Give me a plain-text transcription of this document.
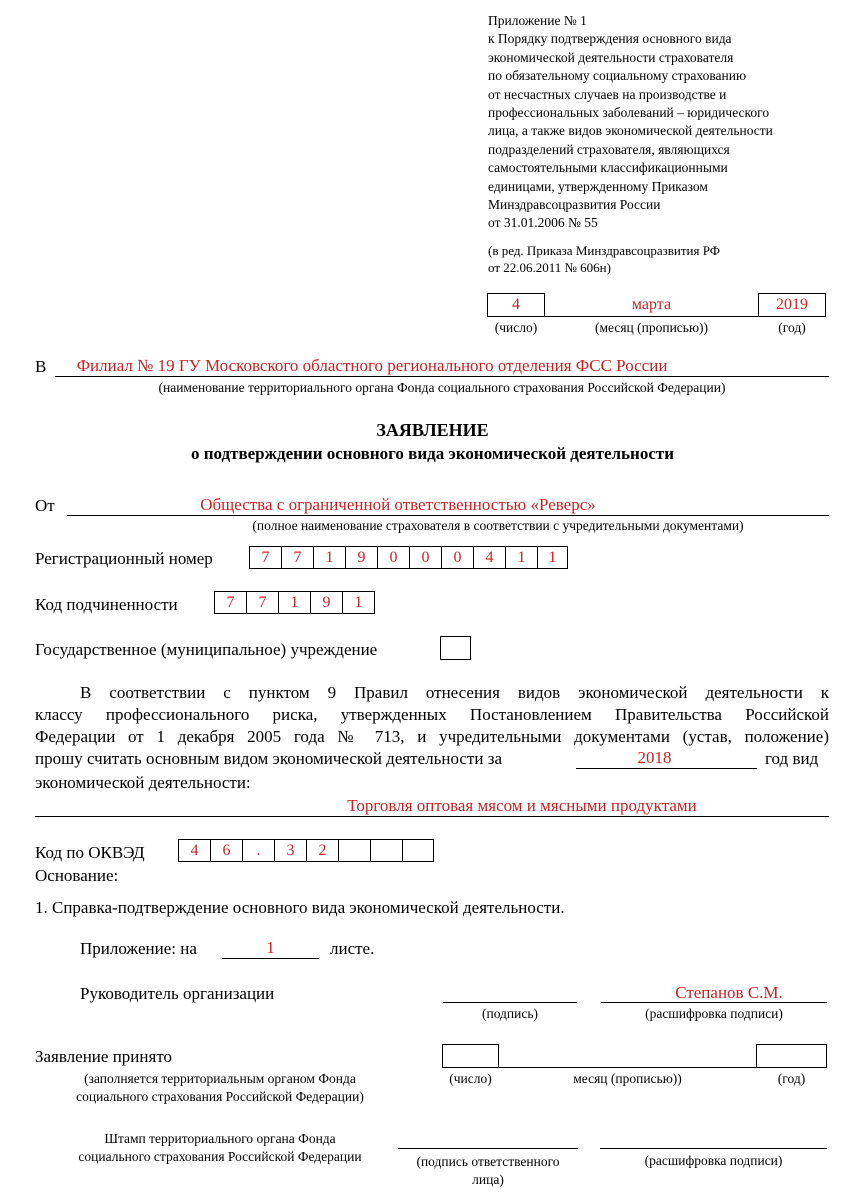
Приложение № 1
к Порядку подтверждения основного вида
экономической деятельности страхователя
по обязательному социальному страхованию
от несчастных случаев на производстве и
профессиональных заболеваний – юридического
лица, а также видов экономической деятельности
подразделений страхователя, являющихся
самостоятельными классификационными
единицами, утвержденному Приказом
Минздравсоцразвития России
от 31.01.2006 № 55
(в ред. Приказа Минздравсоцразвития РФ
от 22.06.2011 № 606н)
4	марта	2019
(число)	(месяц (прописью))	(год)
В	Филиал № 19 ГУ Московского областного регионального отделения ФСС России
(наименование территориального органа Фонда социального страхования Российской Федерации)
ЗАЯВЛЕНИЕ
о подтверждении основного вида экономической деятельности
От	Общества с ограниченной ответственностью «Реверс»
(полное наименование страхователя в соответствии с учредительными документами)
Регистрационный номер	7	7	1	9	0	0	0	4	1	1
Код подчиненности	7	7	1	9	1
Государственное (муниципальное) учреждение
В соответствии с пунктом 9 Правил отнесения видов экономической деятельности к
классу профессионального риска, утвержденных Постановлением Правительства Российской
Федерации от 1 декабря 2005 года № 713, и учредительными документами (устав, положение)
прошу считать основным видом экономической деятельности за	2018	год вид
экономической деятельности:
Торговля оптовая мясом и мясными продуктами
Код по ОКВЭД	4	6	.	3	2
Основание:
1. Справка-подтверждение основного вида экономической деятельности.
Приложение: на	1	листе.
Руководитель организации	Степанов С.М.
(подпись)	(расшифровка подписи)
Заявление принято
(заполняется территориальным органом Фонда
социального страхования Российской Федерации)
(число)	месяц (прописью))	(год)
Штамп территориального органа Фонда
социального страхования Российской Федерации	(подпись ответственного
лица)
(расшифровка подписи)
